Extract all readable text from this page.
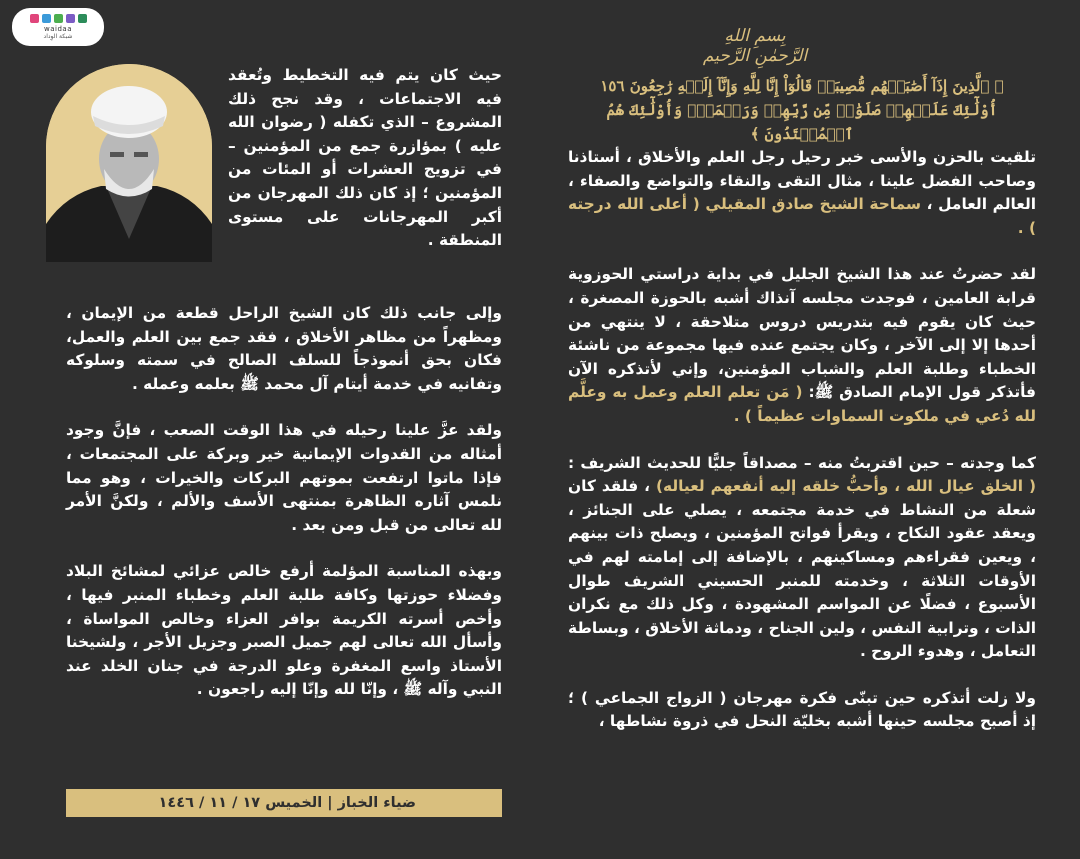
waidaa
شبكة الوِداد	بِسمِ اللهِ الرَّحمٰنِ الرَّحيم
﴿ ٱلَّذِينَ إِذَآ أَصَٰبَتۡهُم مُّصِيبَةٞ قَالُوٓاْ إِنَّا لِلَّهِ وَإِنَّآ إِلَيۡهِ رَٰجِعُونَ ١٥٦
أُوْلَٰٓئِكَ عَلَيۡهِمۡ صَلَوَٰتٞ مِّن رَّبِّهِمۡ وَرَحۡمَةٞۖ وَأُوْلَٰٓئِكَ هُمُ ٱلۡمُهۡتَدُونَ ﴾

تلقيت بالحزن والأسى خبر رحيل رجل العلم والأخلاق ، أستاذنا وصاحب الفضل علينا ، مثال التقى والنقاء والتواضع والصفاء ، العالم العامل ، سماحة الشيخ صادق المقيلي ( أعلى الله درجته ) .

لقد حضرتُ عند هذا الشيخ الجليل في بداية دراستي الحوزوية قرابة العامين ، فوجدت مجلسه آنذاك أشبه بالحوزة المصغرة ، حيث كان يقوم فيه بتدريس دروس متلاحقة ، لا ينتهي من أحدها إلا إلى الآخر ، وكان يجتمع عنده فيها مجموعة من ناشئة الخطباء وطلبة العلم والشباب المؤمنين، وإني لأتذكره الآن فأتذكر قول الإمام الصادق ﷺ: ( مَن تعلم العلم وعمل به وعلَّم لله دُعي في ملكوت السماوات عظيماً ) .

كما وجدته – حين اقتربتُ منه – مصداقاً جليًّا للحديث الشريف : ( الخلق عيال الله ، وأحبُّ خلقه إليه أنفعهم لعياله) ، فلقد كان شعلة من النشاط في خدمة مجتمعه ، يصلي على الجنائز ، ويعقد عقود النكاح ، ويقرأ فواتح المؤمنين ، ويصلح ذات بينهم ، ويعين فقراءهم ومساكينهم ، بالإضافة إلى إمامته لهم في الأوقات الثلاثة ، وخدمته للمنبر الحسيني الشريف طوال الأسبوع ، فضلًا عن المواسم المشهودة ، وكل ذلك مع نكران الذات ، وترابية النفس ، ولين الجناح ، ودماثة الأخلاق ، وبساطة التعامل ، وهدوء الروح .

ولا زلت أتذكره حين تبنّى فكرة مهرجان ( الزواج الجماعي ) ؛ إذ أصبح مجلسه حينها أشبه بخليّة النحل في ذروة نشاطها ،

حيث كان يتم فيه التخطيط وتُعقد فيه الاجتماعات ، وقد نجح ذلك المشروع – الذي تكفله ( رضوان الله عليه ) بمؤازرة جمع من المؤمنين – في تزويج العشرات أو المئات من المؤمنين ؛ إذ كان ذلك المهرجان من أكبر المهرجانات على مستوى المنطقة .

وإلى جانب ذلك كان الشيخ الراحل قطعة من الإيمان ، ومظهراً من مظاهر الأخلاق ، فقد جمع بين العلم والعمل، فكان بحق أنموذجاً للسلف الصالح في سمته وسلوكه وتفانيه في خدمة أيتام آل محمد ﷺ بعلمه وعمله .

ولقد عزَّ علينا رحيله في هذا الوقت الصعب ، فإنَّ وجود أمثاله من القدوات الإيمانية خير وبركة على المجتمعات ، فإذا ماتوا ارتفعت بموتهم البركات والخيرات ، وهو مما نلمس آثاره الظاهرة بمنتهى الأسف والألم ، ولكنَّ الأمر لله تعالى من قبل ومن بعد .

وبهذه المناسبة المؤلمة أرفع خالص عزائي لمشائخ البلاد وفضلاء حوزتها وكافة طلبة العلم وخطباء المنبر فيها ، وأخص أسرته الكريمة بوافر العزاء وخالص المواساة ، وأسأل الله تعالى لهم جميل الصبر وجزيل الأجر ، ولشيخنا الأستاذ واسع المغفرة وعلو الدرجة في جنان الخلد عند النبي وآله ﷺ ، وإنّا لله وإنّا إليه راجعون .

ضياء الخباز | الخميس ١٧ / ١١ / ١٤٤٦
